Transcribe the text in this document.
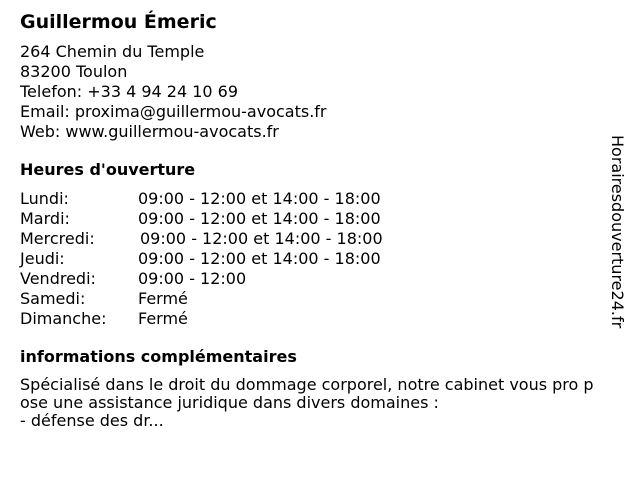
Guillermou Émeric
264 Chemin du Temple
83200 Toulon
Telefon: +33 4 94 24 10 69
Email: proxima@guillermou-avocats.fr
Web: www.guillermou-avocats.fr
Heures d'ouverture
Lundi:	09:00 - 12:00 et 14:00 - 18:00
Mardi:	09:00 - 12:00 et 14:00 - 18:00
Mercredi:	09:00 - 12:00 et 14:00 - 18:00
Jeudi:	09:00 - 12:00 et 14:00 - 18:00
Vendredi:	09:00 - 12:00
Samedi:	Fermé
Dimanche:	Fermé
informations complémentaires
Spécialisé dans le droit du dommage corporel, notre cabinet vous pro pose une assistance juridique dans divers domaines :
- défense des dr...
Horairesdouverture24.fr
